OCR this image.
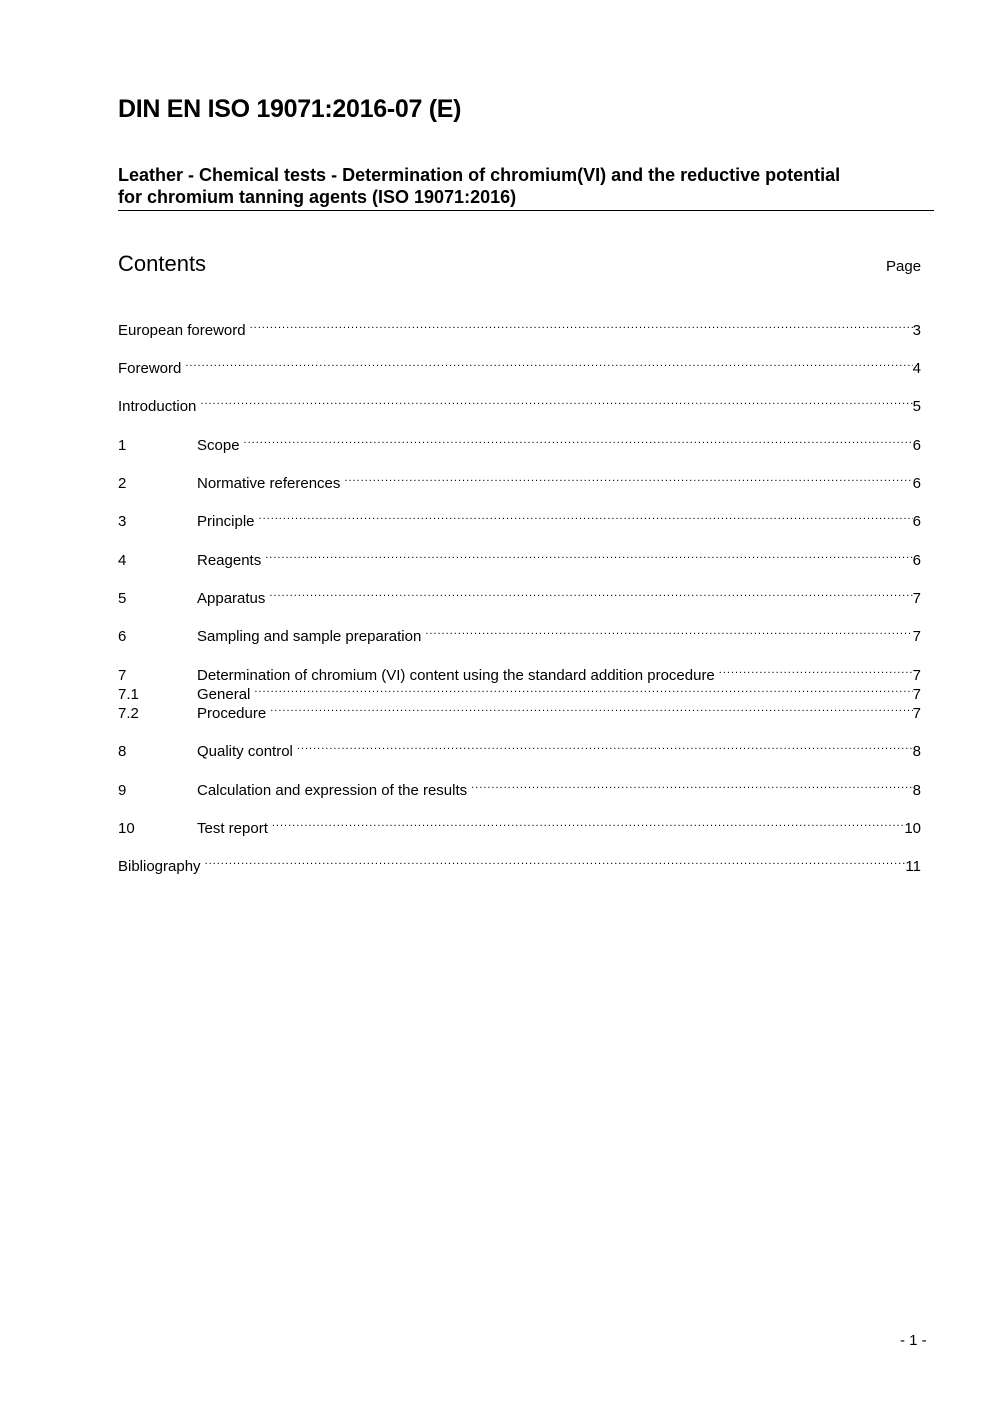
DIN EN ISO 19071:2016-07 (E)
Leather - Chemical tests - Determination of chromium(VI) and the reductive potential
for chromium tanning agents (ISO 19071:2016)
Contents	Page
European foreword .....	3
Foreword .....	4
Introduction .....	5
1	Scope .....	6
2	Normative references .....	6
3	Principle .....	6
4	Reagents .....	6
5	Apparatus .....	7
6	Sampling and sample preparation .....	7
7	Determination of chromium (VI) content using the standard addition procedure .....	7
7.1	General .....	7
7.2	Procedure .....	7
8	Quality control .....	8
9	Calculation and expression of the results .....	8
10	Test report .....	10
Bibliography .....	11
- 1 -
